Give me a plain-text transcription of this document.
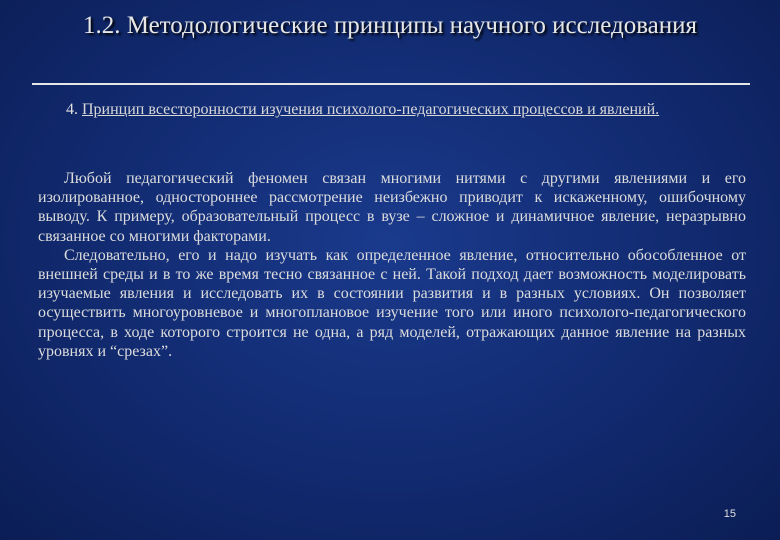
1.2. Методологические принципы научного исследования
4. Принцип всесторонности изучения психолого-педагогических процессов и явлений.

Любой педагогический феномен связан многими нитями с другими явлениями и его изолированное, одностороннее рассмотрение неизбежно приводит к искаженному, ошибочному выводу. К примеру, образовательный процесс в вузе – сложное и динамичное явление, неразрывно связанное со многими факторами.

Следовательно, его и надо изучать как определенное явление, относительно обособленное от внешней среды и в то же время тесно связанное с ней. Такой подход дает возможность моделировать изучаемые явления и исследовать их в состоянии развития и в разных условиях. Он позволяет осуществить многоуровневое и многоплановое изучение того или иного психолого-педагогического процесса, в ходе которого строится не одна, а ряд моделей, отражающих данное явление на разных уровнях и “срезах”.

15
